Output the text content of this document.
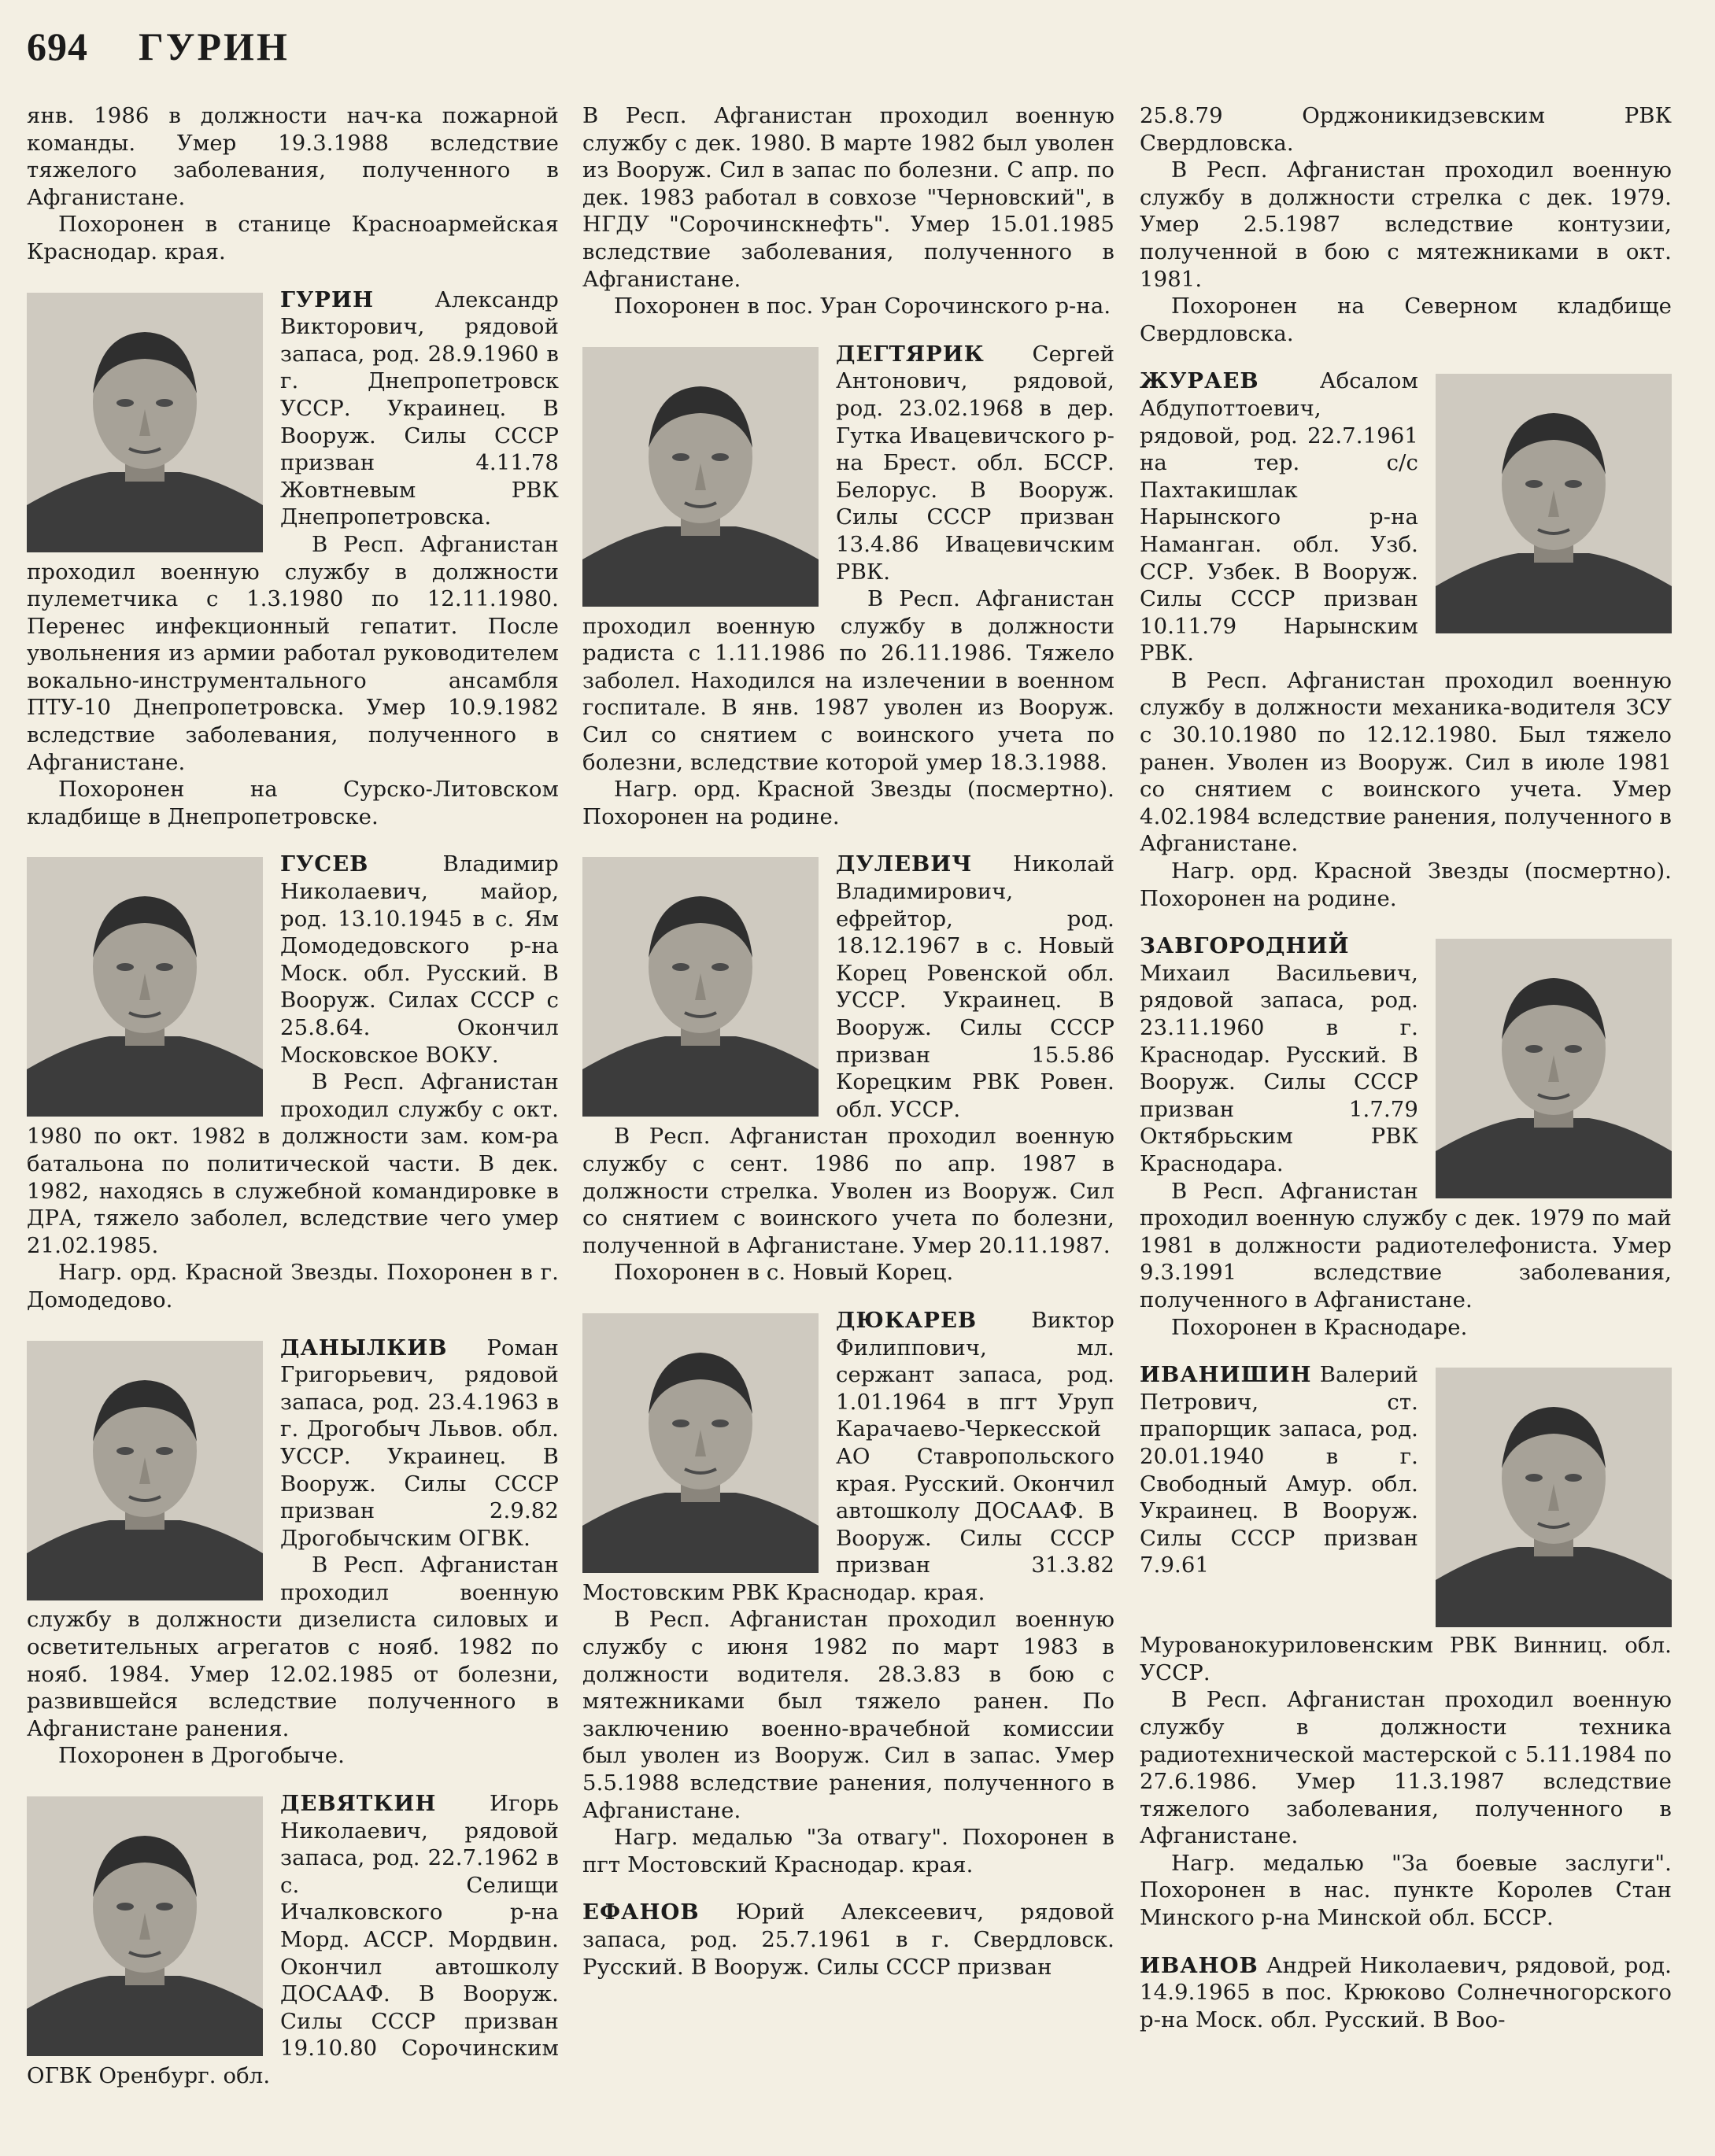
694 ГУРИН

янв. 1986 в должности нач-ка пожарной команды. Умер 19.3.1988 вследствие тяжелого заболевания, полученного в Афганистане.

Похоронен в станице Красноармейская Краснодар. края.

ГУРИН	Александр Викторович, рядовой запаса, род. 28.9.1960 в г. Днепропетровск УССР. Украинец. В Вооруж. Силы СССР призван 4.11.78 Жовтневым РВК Днепропетровска.

В Респ. Афганистан проходил военную службу в должности пулеметчика с 1.3.1980 по 12.11.1980. Перенес инфекционный гепатит. После увольнения из армии работал руководителем вокально-инструментального ансамбля ПТУ-10 Днепропетровска. Умер 10.9.1982 вследствие заболевания, полученного в Афганистане.

Похоронен на Сурско-Литовском кладбище в Днепропетровске.

ГУСЕВ	Владимир Николаевич, майор, род. 13.10.1945 в с. Ям Домодедовского р-на Моск. обл. Русский. В Вооруж. Силах СССР с 25.8.64. Окончил Московское ВОКУ.

В Респ. Афганистан проходил службу с окт. 1980 по окт. 1982 в должности зам. ком-ра батальона по политической части. В дек. 1982, находясь в служебной командировке в ДРА, тяжело заболел, вследствие чего умер 21.02.1985.

Нагр. орд. Красной Звезды. Похоронен в г. Домодедово.

ДАНЫЛКИВ Роман Григорьевич, рядовой запаса, род. 23.4.1963 в г. Дрогобыч Львов. обл. УССР. Украинец. В Вооруж. Силы СССР призван 2.9.82 Дрогобычским ОГВК.

В Респ. Афганистан проходил военную службу в должности дизелиста силовых и осветительных агрегатов с нояб. 1982 по нояб. 1984. Умер 12.02.1985 от болезни, развившейся вследствие полученного в Афганистане ранения.

Похоронен в Дрогобыче.

ДЕВЯТКИН Игорь Николаевич, рядовой запаса, род. 22.7.1962 в с. Селищи Ичалковского р-на Морд. АССР. Мордвин. Окончил автошколу ДОСААФ. В Вооруж. Силы СССР призван 19.10.80 Сорочинским ОГВК Оренбург. обл.

В Респ. Афганистан проходил военную службу с дек. 1980. В марте 1982 был уволен из Вооруж. Сил в запас по болезни. С апр. по дек. 1983 работал в совхозе "Черновский", в НГДУ "Сорочинскнефть". Умер 15.01.1985 вследствие заболевания, полученного в Афганистане.

Похоронен в пос. Уран Сорочинского р-на.

ДЕГТЯРИК Сергей Антонович, рядовой, род. 23.02.1968 в дер. Гутка Ивацевичского р-на Брест. обл. БССР. Белорус. В Вооруж. Силы СССР призван 13.4.86 Ивацевичским РВК.

В Респ. Афганистан проходил военную службу в должности радиста с 1.11.1986 по 26.11.1986. Тяжело заболел. Находился на излечении в военном госпитале. В янв. 1987 уволен из Вооруж. Сил со снятием с воинского учета по болезни, вследствие которой умер 18.3.1988.

Нагр. орд. Красной Звезды (посмертно). Похоронен на родине.

ДУЛЕВИЧ Николай Владимирович, ефрейтор, род. 18.12.1967 в с. Новый Корец Ровенской обл. УССР. Украинец. В Вооруж. Силы СССР призван 15.5.86 Корецким РВК Ровен. обл. УССР.

В Респ. Афганистан проходил военную службу с сент. 1986 по апр. 1987 в должности стрелка. Уволен из Вооруж. Сил со снятием с воинского учета по болезни, полученной в Афганистане. Умер 20.11.1987.

Похоронен в с. Новый Корец.

ДЮКАРЕВ	Виктор Филиппович, мл. сержант запаса, род. 1.01.1964 в пгт Уруп Карачаево-Черкесской АО Ставропольского края. Русский. Окончил автошколу ДОСААФ. В Вооруж. Силы СССР призван 31.3.82 Мостовским РВК Краснодар. края.

В Респ. Афганистан проходил военную службу с июня 1982 по март 1983 в должности водителя. 28.3.83 в бою с мятежниками был тяжело ранен. По заключению военно-врачебной комиссии был уволен из Вооруж. Сил в запас. Умер 5.5.1988 вследствие ранения, полученного в Афганистане.

Нагр. медалью "За отвагу". Похоронен в пгт Мостовский Краснодар. края.

ЕФАНОВ Юрий Алексеевич, рядовой запаса, род. 25.7.1961 в г. Свердловск. Русский. В Вооруж. Силы СССР призван

25.8.79 Орджоникидзевским РВК Свердловска.

В Респ. Афганистан проходил военную службу в должности стрелка с дек. 1979. Умер 2.5.1987 вследствие контузии, полученной в бою с мятежниками в окт. 1981.

Похоронен на Северном кладбище Свердловска.

ЖУРАЕВ	Абсалом Абдупоттоевич, рядовой, род. 22.7.1961 на тер. с/с Пахтакишлак Нарынского р-на Наманган. обл. Узб. ССР. Узбек. В Вооруж. Силы СССР призван 10.11.79 Нарынским РВК.

В Респ. Афганистан проходил военную службу в должности механика-водителя ЗСУ с 30.10.1980 по 12.12.1980. Был тяжело ранен. Уволен из Вооруж. Сил в июле 1981 со снятием с воинского учета. Умер 4.02.1984 вследствие ранения, полученного в Афганистане.

Нагр. орд. Красной Звезды (посмертно). Похоронен на родине.

ЗАВГОРОДНИЙ Михаил Васильевич, рядовой запаса, род. 23.11.1960 в г. Краснодар. Русский. В Вооруж. Силы СССР призван 1.7.79 Октябрьским РВК Краснодара.

В Респ. Афганистан проходил военную службу с дек. 1979 по май 1981 в должности радиотелефониста. Умер 9.3.1991 вследствие заболевания, полученного в Афганистане.

Похоронен в Краснодаре.

ИВАНИШИН Валерий Петрович, ст. прапорщик запаса, род. 20.01.1940 в г. Свободный Амур. обл. Украинец. В Вооруж. Силы СССР призван 7.9.61 Мурованокуриловенским РВК Винниц. обл. УССР.

В Респ. Афганистан проходил военную службу в должности техника радиотехнической мастерской с 5.11.1984 по 27.6.1986. Умер 11.3.1987 вследствие тяжелого заболевания, полученного в Афганистане.

Нагр. медалью "За боевые заслуги". Похоронен в нас. пункте Королев Стан Минского р-на Минской обл. БССР.

ИВАНОВ Андрей Николаевич, рядовой, род. 14.9.1965 в пос. Крюково Солнечногорского р-на Моск. обл. Русский. В Воо-
